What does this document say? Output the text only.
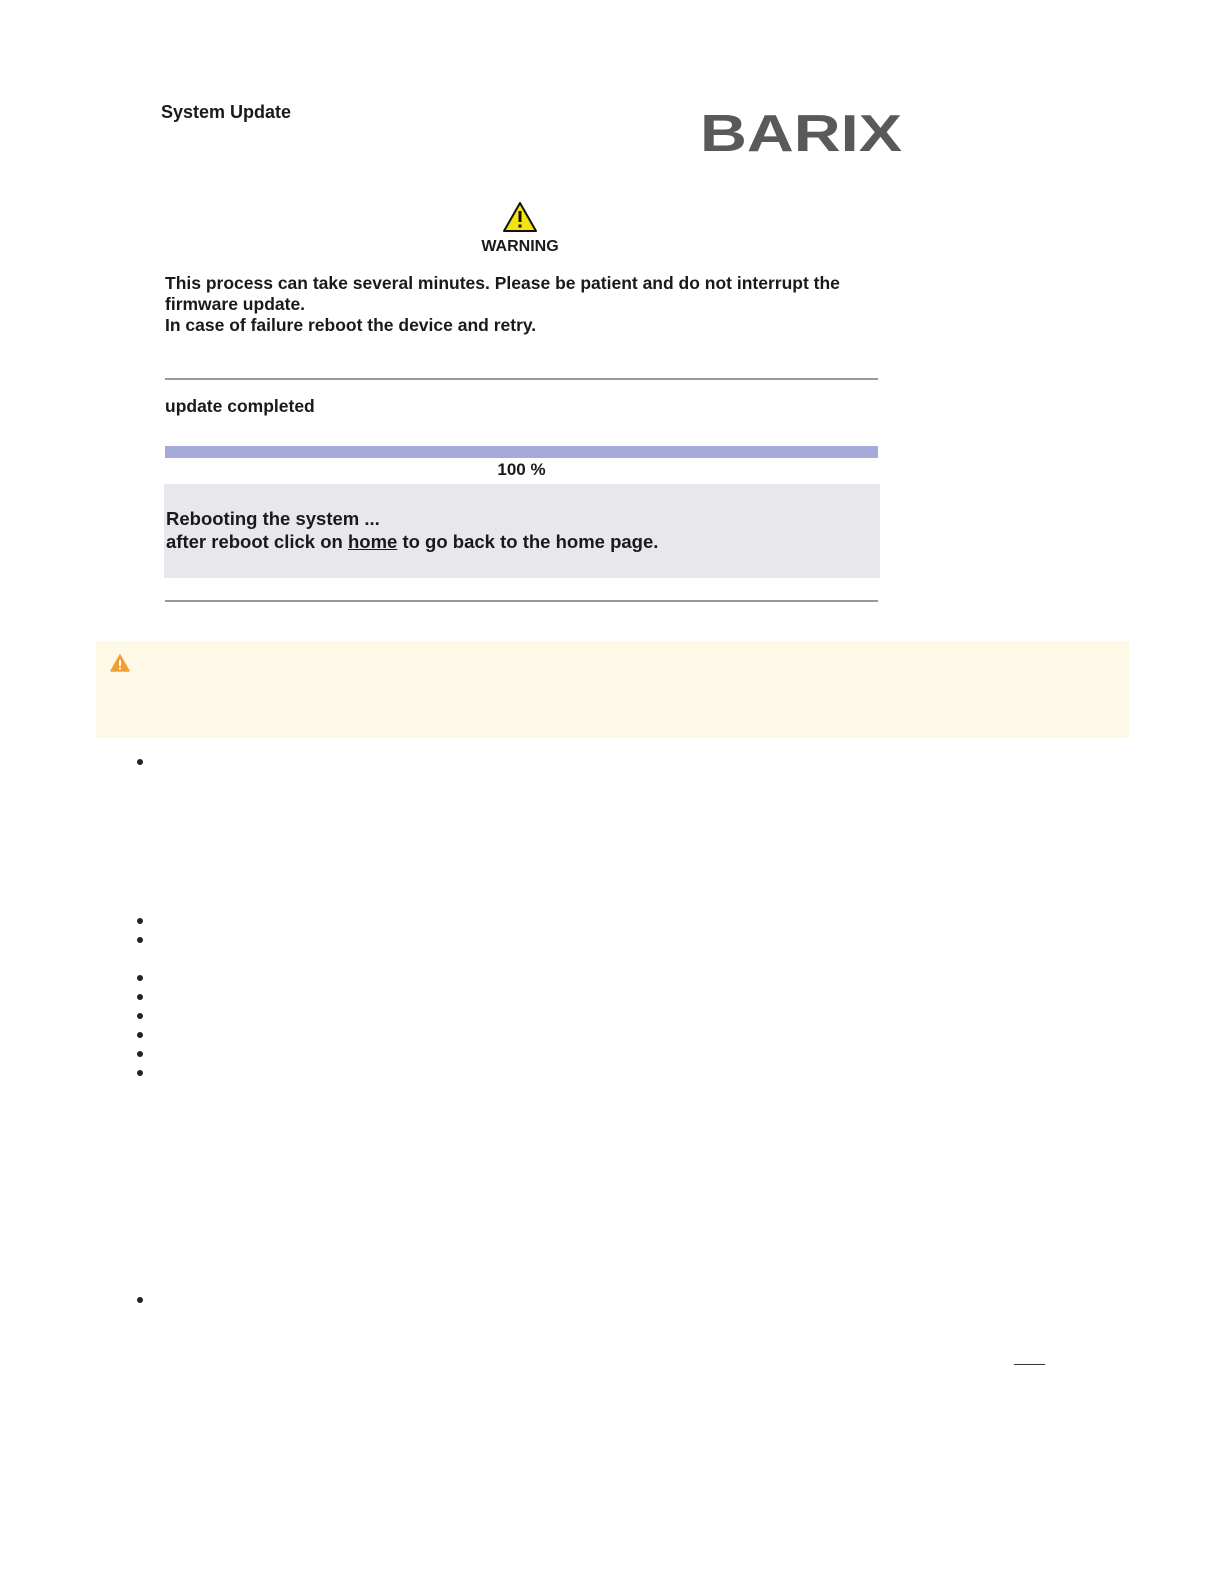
System Update	BARIX
WARNING
This process can take several minutes. Please be patient and do not interrupt the
firmware update.
In case of failure reboot the device and retry.
update completed
100 %
Rebooting the system ...
after reboot click on home to go back to the home page.
